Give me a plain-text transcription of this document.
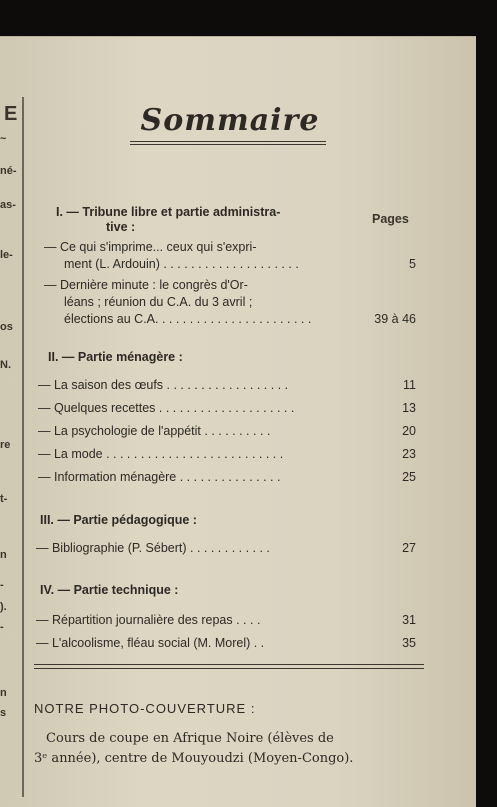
E
~
né-
as-
le-
os
N.
re
t-
n
-
).
-
n
s
Sommaire
Pages
I. — Tribune libre et partie administra-
tive :
— Ce qui s'imprime... ceux qui s'expri-
ment (L. Ardouin) . . . . . . . . . . . . . . . . . . . .	5
— Dernière minute : le congrès d'Or-
léans ; réunion du C.A. du 3 avril ;
élections au C.A. . . . . . . . . . . . . . . . . . . . . . .	39 à 46
II. — Partie ménagère :
— La saison des œufs . . . . . . . . . . . . . . . . . .	11
— Quelques recettes . . . . . . . . . . . . . . . . . . . .	13
— La psychologie de l'appétit . . . . . . . . . .	20
— La mode . . . . . . . . . . . . . . . . . . . . . . . . . .	23
— Information ménagère . . . . . . . . . . . . . . .	25
III. — Partie pédagogique :
— Bibliographie (P. Sébert) . . . . . . . . . . . .	27
IV. — Partie technique :
— Répartition journalière des repas . . . .	31
— L'alcoolisme, fléau social (M. Morel) . .	35
NOTRE PHOTO-COUVERTURE :
Cours de coupe en Afrique Noire (élèves de
3ᵉ année), centre de Mouyoudzi (Moyen-Congo).
